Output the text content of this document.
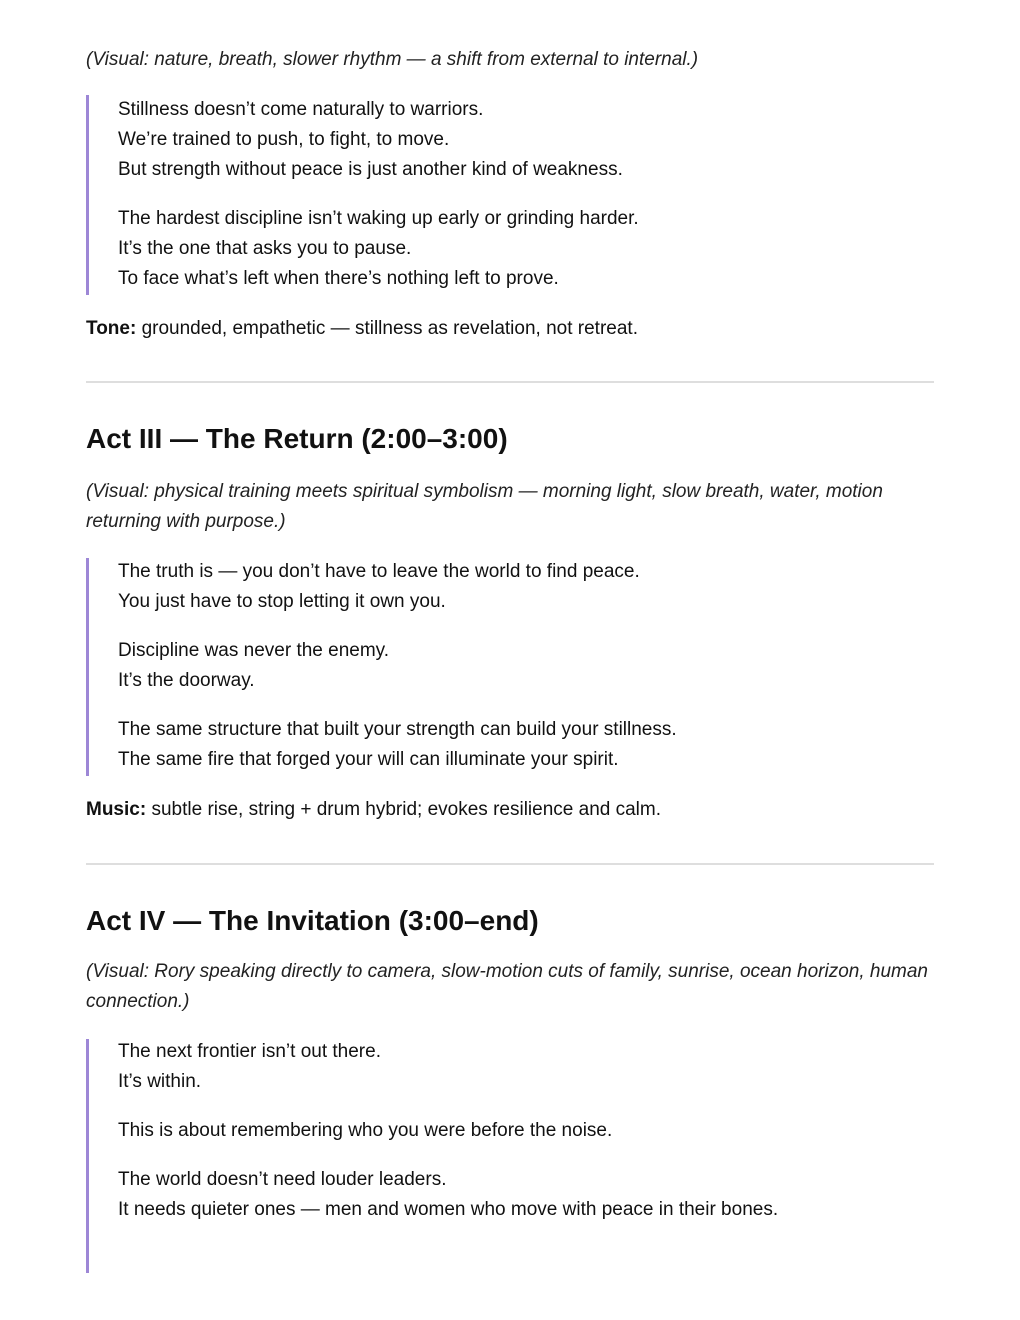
(Visual: nature, breath, slower rhythm — a shift from external to internal.)

Stillness doesn’t come naturally to warriors.
We’re trained to push, to fight, to move.
But strength without peace is just another kind of weakness.
The hardest discipline isn’t waking up early or grinding harder.
It’s the one that asks you to pause.
To face what’s left when there’s nothing left to prove.
Tone: grounded, empathetic — stillness as revelation, not retreat.
Act III — The Return (2:00–3:00)

(Visual: physical training meets spiritual symbolism — morning light, slow breath, water, motion returning with purpose.)

The truth is — you don’t have to leave the world to find peace.
You just have to stop letting it own you.
Discipline was never the enemy.
It’s the doorway.
The same structure that built your strength can build your stillness.
The same fire that forged your will can illuminate your spirit.
Music: subtle rise, string + drum hybrid; evokes resilience and calm.
Act IV — The Invitation (3:00–end)

(Visual: Rory speaking directly to camera, slow-motion cuts of family, sunrise, ocean horizon, human connection.)

The next frontier isn’t out there.
It’s within.
This is about remembering who you were before the noise.
The world doesn’t need louder leaders.
It needs quieter ones — men and women who move with peace in their bones.
